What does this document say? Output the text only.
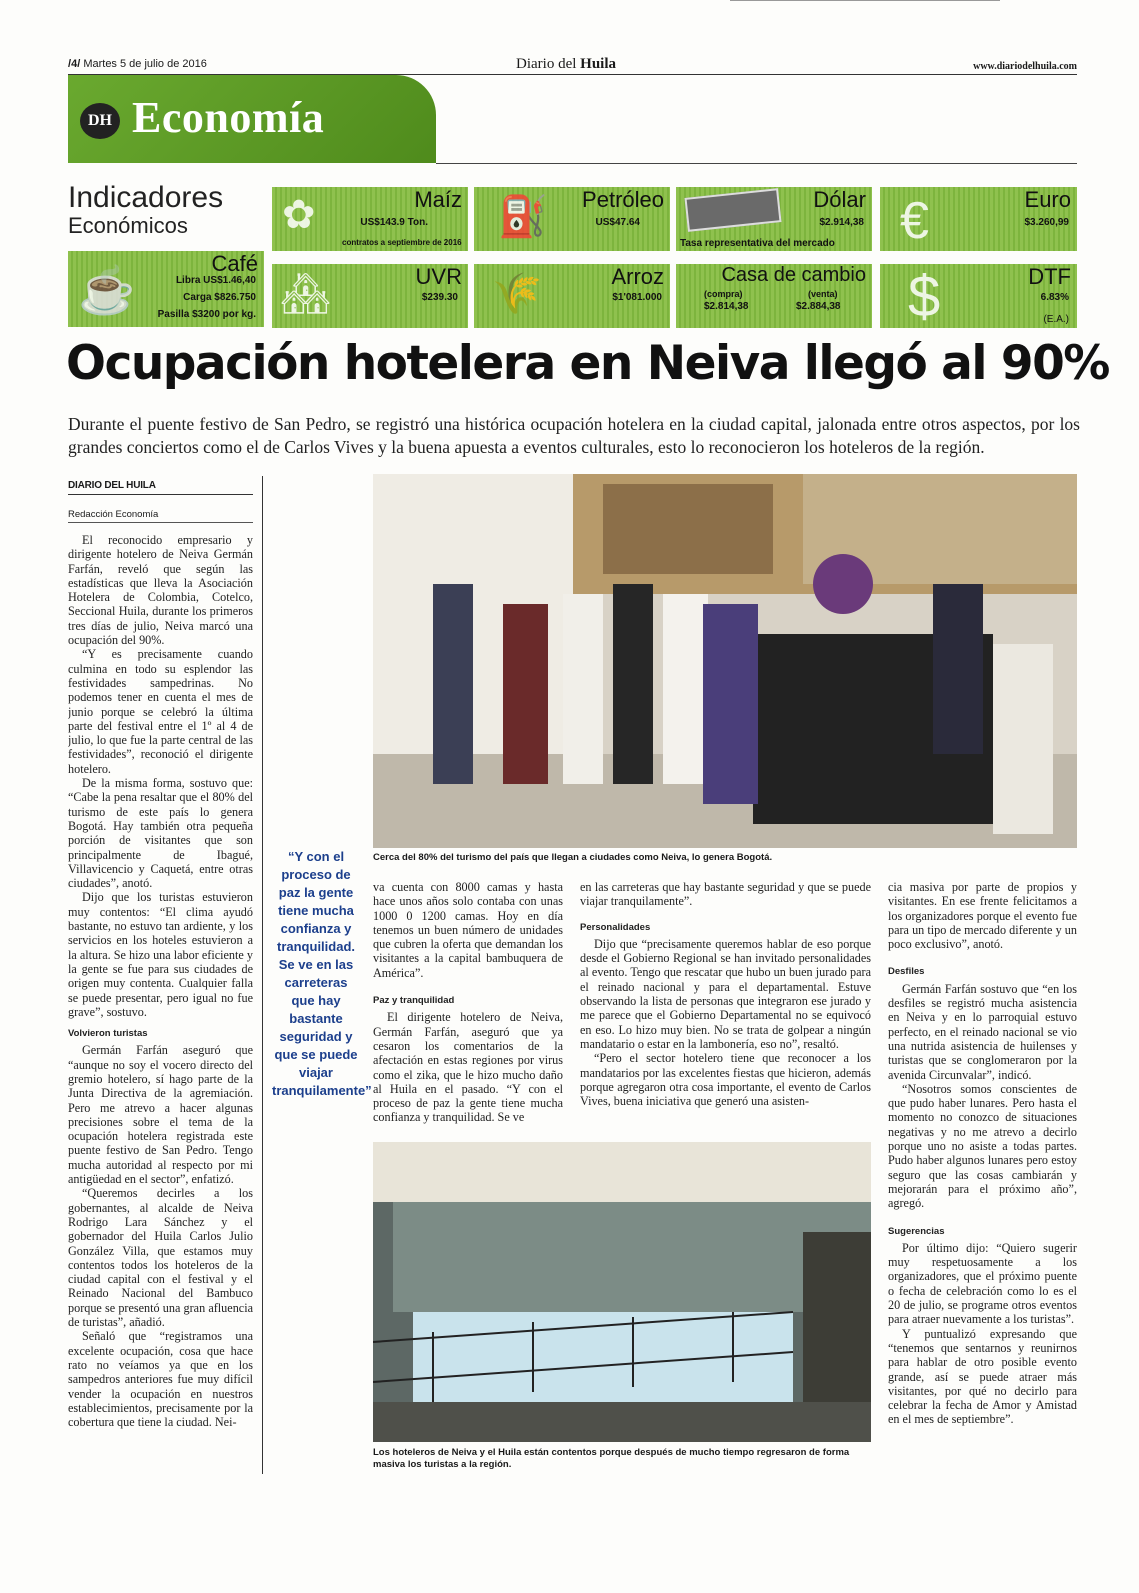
/4/ Martes 5 de julio de 2016	Diario del Huila	www.diariodelhuila.com
DH Economía
Indicadores
Económicos ✿	Maíz
US$143.9 Ton.
contratos a septiembre de 2016
⛽ Petróleo
US$47.64
Dólar
$2.914,38
Tasa representativa del mercado €	Euro
$3.260,99
☕
Café
Libra US$1.46,40
Carga $826.750
Pasilla $3200 por kg. 🏘	UVR
$239.30 🌾	Arroz
$1'081.000
Casa de cambio
(compra)
$2.814,38
(venta)
$2.884,38 $	DTF
6.83%
(E.A.)
Ocupación hotelera en Neiva llegó al 90%
Durante el puente festivo de San Pedro, se registró una histórica ocupación hotelera en la ciudad capital, jalonada entre otros aspectos, por los grandes conciertos como el de Carlos Vives y la buena apuesta a eventos culturales, esto lo reconocieron los hoteleros de la región.
DIARIO DEL HUILA
Redacción Economía

El reconocido empresario y dirigente hotelero de Neiva Germán Farfán, reveló que según las estadísticas que lleva la Asociación Hotelera de Colombia, Cotelco, Seccional Huila, durante los primeros tres días de julio, Neiva marcó una ocupación del 90%.

“Y es precisamente cuando culmina en todo su esplendor las festividades sampedrinas. No podemos tener en cuenta el mes de junio porque se celebró la última parte del festival entre el 1º al 4 de julio, lo que fue la parte central de las festividades”, reconoció el dirigente hotelero.

De la misma forma, sostuvo que: “Cabe la pena resaltar que el 80% del turismo de este país lo genera Bogotá. Hay también otra pequeña porción de visitantes que son principalmente de Ibagué, Villavicencio y Caquetá, entre otras ciudades”, anotó.

Dijo que los turistas estuvieron muy contentos: “El clima ayudó bastante, no estuvo tan ardiente, y los servicios en los hoteles estuvieron a la altura. Se hizo una labor eficiente y la gente se fue para sus ciudades de origen muy contenta. Cualquier falla se puede presentar, pero igual no fue grave”, sostuvo.

Volvieron turistas

Germán Farfán aseguró que “aunque no soy el vocero directo del gremio hotelero, sí hago parte de la Junta Directiva de la agremiación. Pero me atrevo a hacer algunas precisiones sobre el tema de la ocupación hotelera registrada este puente festivo de San Pedro. Tengo mucha autoridad al respecto por mi antigüedad en el sector”, enfatizó.

“Queremos decirles a los gobernantes, al alcalde de Neiva Rodrigo Lara Sánchez y el gobernador del Huila Carlos Julio González Villa, que estamos muy contentos todos los hoteleros de la ciudad capital con el festival y el Reinado Nacional del Bambuco porque se presentó una gran afluencia de turistas”, añadió.

Señaló que “registramos una excelente ocupación, cosa que hace rato no veíamos ya que en los sampedros anteriores fue muy difícil vender la ocupación en nuestros establecimientos, precisamente por la cobertura que tiene la ciudad. Nei-

“Y con el proceso de paz la gente tiene mucha confianza y tranquilidad. Se ve en las carreteras que hay bastante seguridad y que se puede viajar tranquilamente”
Cerca del 80% del turismo del país que llegan a ciudades como Neiva, lo genera Bogotá.

va cuenta con 8000 camas y hasta hace unos años solo contaba con unas 1000 0 1200 camas. Hoy en día tenemos un buen número de unidades que cubren la oferta que demandan los visitantes a la capital bambuquera de América”.

Paz y tranquilidad

El dirigente hotelero de Neiva, Germán Farfán, aseguró que ya cesaron los comentarios de la afectación en estas regiones por virus como el zika, que le hizo mucho daño al Huila en el pasado. “Y con el proceso de paz la gente tiene mucha confianza y tranquilidad. Se ve

en las carreteras que hay bastante seguridad y que se puede viajar tranquilamente”.

Personalidades

Dijo que “precisamente queremos hablar de eso porque desde el Gobierno Regional se han invitado personalidades al evento. Tengo que rescatar que hubo un buen jurado para el reinado nacional y para el departamental. Estuve observando la lista de personas que integraron ese jurado y me parece que el Gobierno Departamental no se equivocó en eso. Lo hizo muy bien. No se trata de golpear a ningún mandatario o estar en la lambonería, eso no”, resaltó.

“Pero el sector hotelero tiene que reconocer a los mandatarios por las excelentes fiestas que hicieron, además porque agregaron otra cosa importante, el evento de Carlos Vives, buena iniciativa que generó una asisten-

Los hoteleros de Neiva y el Huila están contentos porque después de mucho tiempo regresaron de forma masiva los turistas a la región.

cia masiva por parte de propios y visitantes. En ese frente felicitamos a los organizadores porque el evento fue para un tipo de mercado diferente y un poco exclusivo”, anotó.

Desfiles

Germán Farfán sostuvo que “en los desfiles se registró mucha asistencia en Neiva y en lo parroquial estuvo perfecto, en el reinado nacional se vio una nutrida asistencia de huilenses y turistas que se conglomeraron por la avenida Circunvalar”, indicó.

“Nosotros somos conscientes de que pudo haber lunares. Pero hasta el momento no conozco de situaciones negativas y no me atrevo a decirlo porque uno no asiste a todas partes. Pudo haber algunos lunares pero estoy seguro que las cosas cambiarán y mejorarán para el próximo año”, agregó.

Sugerencias

Por último dijo: “Quiero sugerir muy respetuosamente a los organizadores, que el próximo puente o fecha de celebración como lo es el 20 de julio, se programe otros eventos para atraer nuevamente a los turistas”.

Y puntualizó expresando que “tenemos que sentarnos y reunirnos para hablar de otro posible evento grande, así se puede atraer más visitantes, por qué no decirlo para celebrar la fecha de Amor y Amistad en el mes de septiembre”.
